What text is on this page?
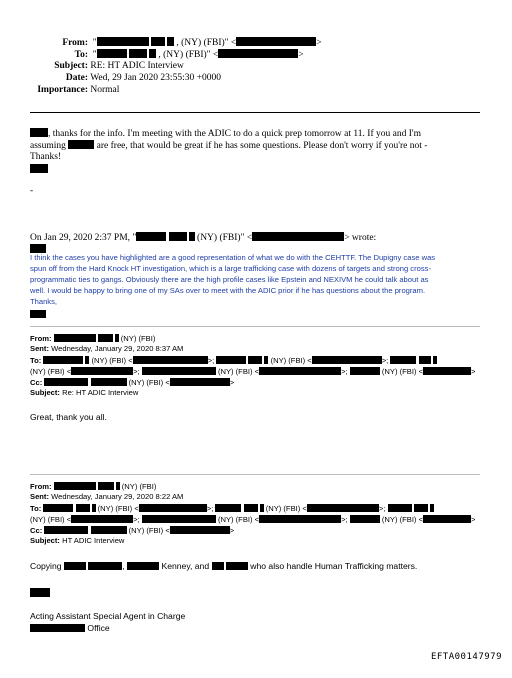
From:  "	, (NY) (FBI)" <	>
To:  "	, (NY) (FBI)" <	>
Subject: RE: HT ADIC Interview
Date: Wed, 29 Jan 2020 23:55:30 +0000
Importance: Normal
, thanks for the info. I'm meeting with the ADIC to do a quick prep tomorrow at 11. If you and I'm
assuming	are free, that would be great if he has some questions. Please don't worry if you're not -
Thanks!
-
On Jan 29, 2020 2:37 PM, "	(NY) (FBI)" <	> wrote:
I think the cases you have highlighted are a good representation of what we do with the CEHTTF. The Dupigny case was
spun off from the Hard Knock HT investigation, which is a large trafficking case with dozens of targets and strong cross-
programmatic ties to gangs. Obviously there are the high profile cases like Epstein and NEXIVM he could talk about as
well. I would be happy to bring one of my SAs over to meet with the ADIC prior if he has questions about the program.
Thanks,
From:	(NY) (FBI)
Sent: Wednesday, January 29, 2020 8:37 AM
To:	(NY) (FBI) <	>;	(NY) (FBI) <	>;
(NY) (FBI) <	>;	(NY) (FBI) <	>;	(NY) (FBI) <	>
Cc:	(NY) (FBI) <	>
Subject: Re: HT ADIC Interview
Great, thank you all.
From:	(NY) (FBI)
Sent: Wednesday, January 29, 2020 8:22 AM
To:	(NY) (FBI) <	>;	(NY) (FBI) <	>;
(NY) (FBI) <	>;	(NY) (FBI) <	>;	(NY) (FBI) <	>
Cc:	(NY) (FBI) <	>
Subject: HT ADIC Interview
Copying	,	Kenney, and	who also handle Human Trafficking matters.
Acting Assistant Special Agent in Charge
Office
EFTA00147979
